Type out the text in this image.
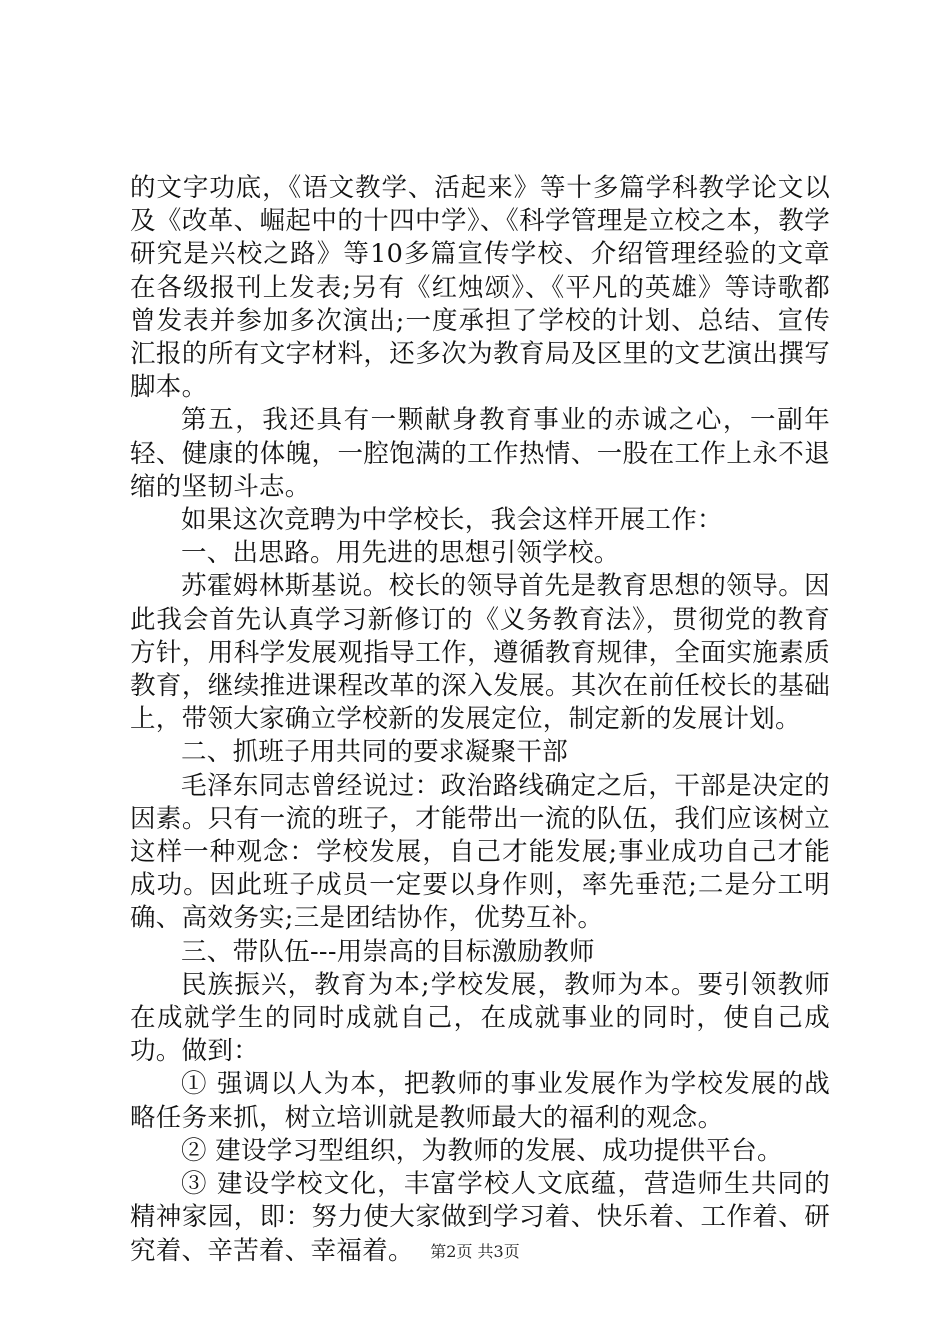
的文字功底，《语文教学、活起来》等十多篇学科教学论文以及《改革、崛起中的十四中学》、《科学管理是立校之本，教学研究是兴校之路》等10多篇宣传学校、介绍管理经验的文章在各级报刊上发表;另有《红烛颂》、《平凡的英雄》等诗歌都曾发表并参加多次演出;一度承担了学校的计划、总结、宣传汇报的所有文字材料，还多次为教育局及区里的文艺演出撰写脚本。

第五，我还具有一颗献身教育事业的赤诚之心，一副年轻、健康的体魄，一腔饱满的工作热情、一股在工作上永不退缩的坚韧斗志。

如果这次竞聘为中学校长，我会这样开展工作：

一、出思路。用先进的思想引领学校。

苏霍姆林斯基说。校长的领导首先是教育思想的领导。因此我会首先认真学习新修订的《义务教育法》，贯彻党的教育方针，用科学发展观指导工作，遵循教育规律，全面实施素质教育，继续推进课程改革的深入发展。其次在前任校长的基础上，带领大家确立学校新的发展定位，制定新的发展计划。

二、抓班子用共同的要求凝聚干部

毛泽东同志曾经说过：政治路线确定之后，干部是决定的因素。只有一流的班子，才能带出一流的队伍，我们应该树立这样一种观念：学校发展，自己才能发展;事业成功自己才能成功。因此班子成员一定要以身作则，率先垂范;二是分工明确、高效务实;三是团结协作，优势互补。

三、带队伍---用崇高的目标激励教师

民族振兴，教育为本;学校发展，教师为本。要引领教师在成就学生的同时成就自己，在成就事业的同时，使自己成功。做到：

① 强调以人为本，把教师的事业发展作为学校发展的战略任务来抓，树立培训就是教师最大的福利的观念。

② 建设学习型组织，为教师的发展、成功提供平台。

③ 建设学校文化，丰富学校人文底蕴，营造师生共同的精神家园，即：努力使大家做到学习着、快乐着、工作着、研究着、辛苦着、幸福着。	第2页 共3页
